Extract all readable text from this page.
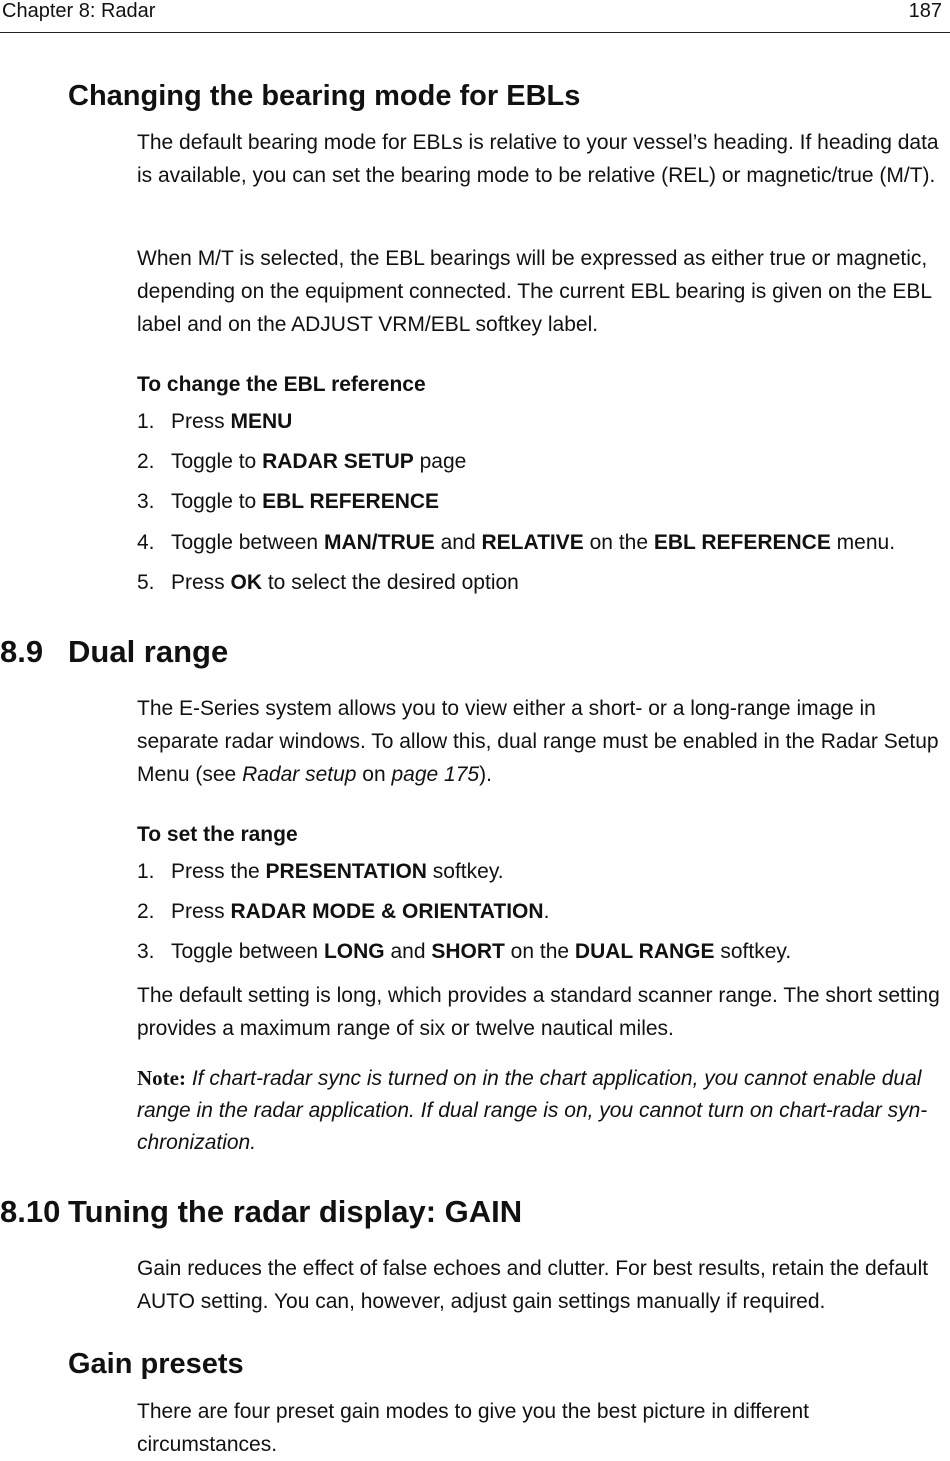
Chapter 8: Radar	187
Changing the bearing mode for EBLs
The default bearing mode for EBLs is relative to your vessel’s heading. If heading data is available, you can set the bearing mode to be relative (REL) or magnetic/true (M/T).
When M/T is selected, the EBL bearings will be expressed as either true or magnetic, depending on the equipment connected. The current EBL bearing is given on the EBL label and on the ADJUST VRM/EBL softkey label.
To change the EBL reference
1. Press MENU
2. Toggle to RADAR SETUP page
3. Toggle to EBL REFERENCE
4. Toggle between MAN/TRUE and RELATIVE on the EBL REFERENCE menu.
5. Press OK to select the desired option
8.9 Dual range
The E-Series system allows you to view either a short- or a long-range image in separate radar windows. To allow this, dual range must be enabled in the Radar Setup Menu (see Radar setup on page 175).
To set the range
1. Press the PRESENTATION softkey.
2. Press RADAR MODE & ORIENTATION.
3. Toggle between LONG and SHORT on the DUAL RANGE softkey.
The default setting is long, which provides a standard scanner range. The short setting provides a maximum range of six or twelve nautical miles.
Note: If chart-radar sync is turned on in the chart application, you cannot enable dual range in the radar application. If dual range is on, you cannot turn on chart-radar syn-chronization.
8.10 Tuning the radar display: GAIN
Gain reduces the effect of false echoes and clutter. For best results, retain the default AUTO setting. You can, however, adjust gain settings manually if required.
Gain presets
There are four preset gain modes to give you the best picture in different circumstances.
